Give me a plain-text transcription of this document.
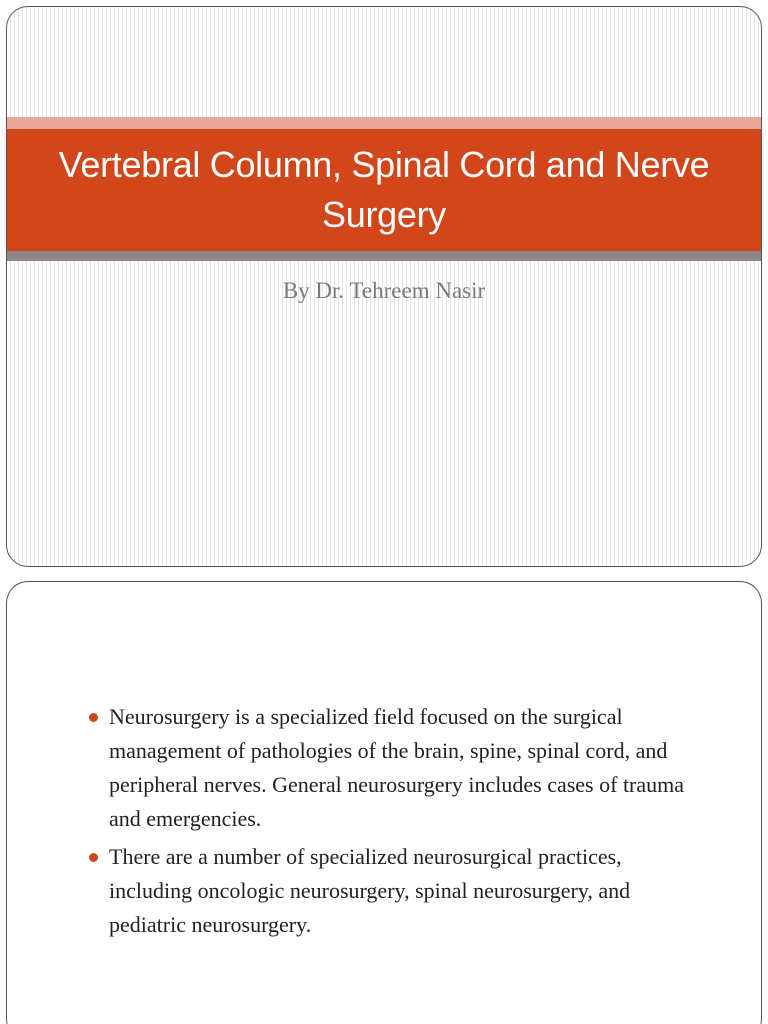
Vertebral Column, Spinal Cord and Nerve Surgery
By Dr. Tehreem Nasir
Neurosurgery is a specialized field focused on the surgical management of pathologies of the brain, spine, spinal cord, and peripheral nerves. General neurosurgery includes cases of trauma and emergencies.
There are a number of specialized neurosurgical practices, including oncologic neurosurgery, spinal neurosurgery, and pediatric neurosurgery.
